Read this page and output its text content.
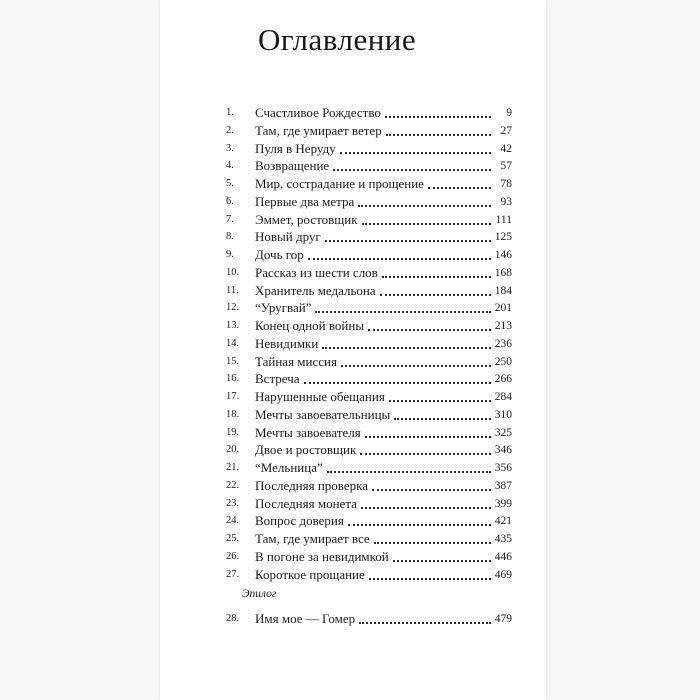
Оглавление
Эпилог
1.	Счастливое Рождество	9
2.	Там, где умирает ветер	27
3.	Пуля в Неруду	42
4.	Возвращение	57
5.	Мир, сострадание и прощение	78
6.	Первые два метра	93
7.	Эммет, ростовщик	111
8.	Новый друг	125
9.	Дочь гор	146
10.	Рассказ из шести слов	168
11.	Хранитель медальона	184
12.	“Уругвай”	201
13.	Конец одной войны	213
14.	Невидимки	236
15.	Тайная миссия	250
16.	Встреча	266
17.	Нарушенные обещания	284
18.	Мечты завоевательницы	310
19.	Мечты завоевателя	325
20.	Двое и ростовщик	346
21.	“Мельница”	356
22.	Последняя проверка	387
23.	Последняя монета	399
24.	Вопрос доверия	421
25.	Там, где умирает все	435
26.	В погоне за невидимкой	446
27.	Короткое прощание	469
28.	Имя мое — Гомер	479
